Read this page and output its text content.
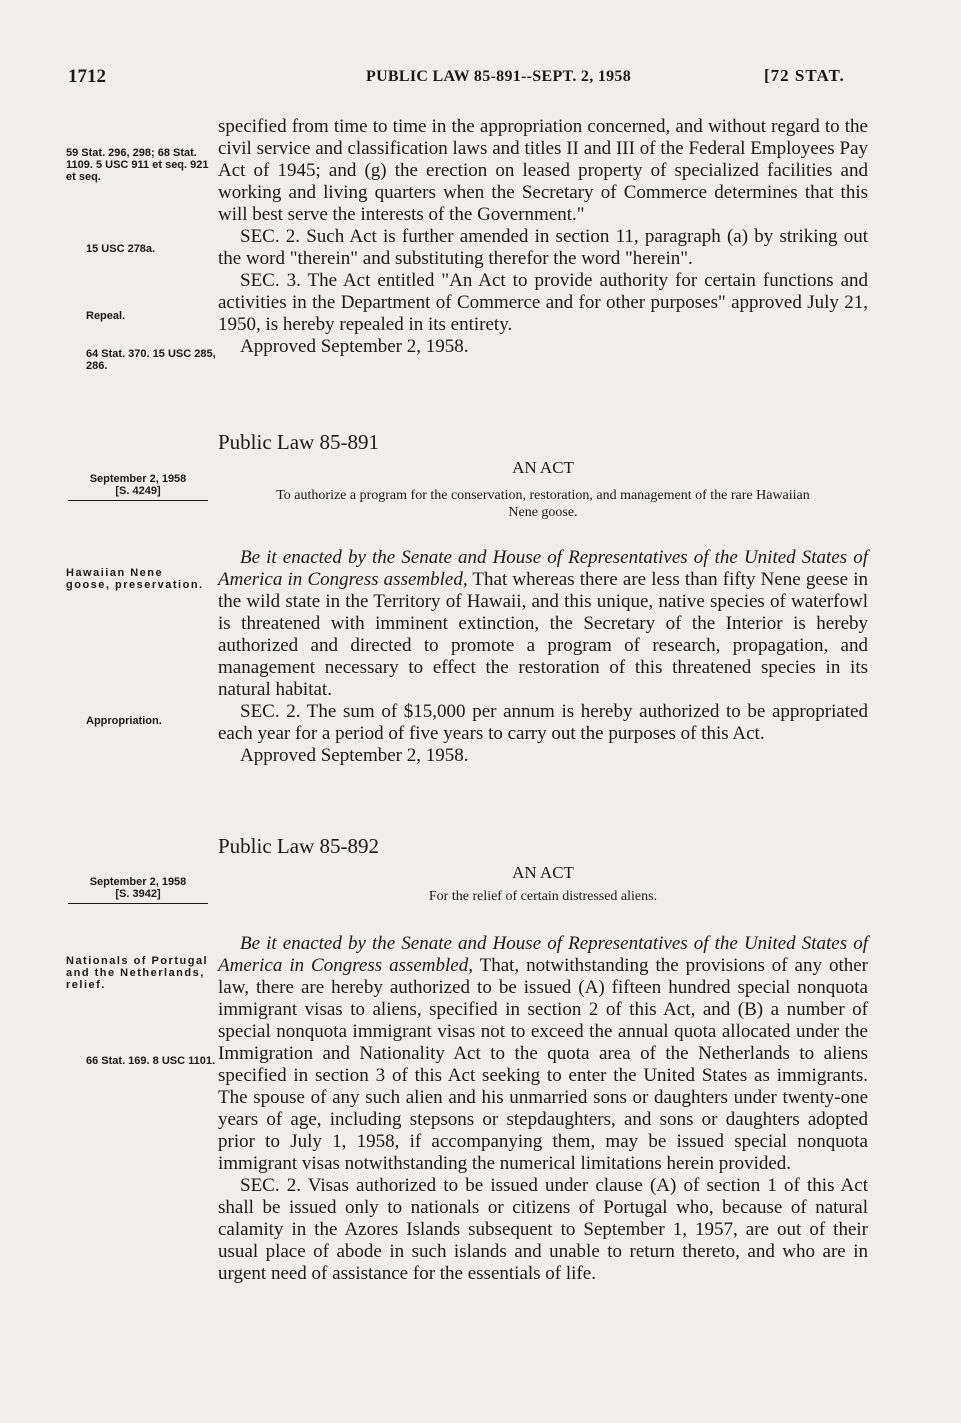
1712	PUBLIC LAW 85-891--SEPT. 2, 1958	[72 STAT.
59 Stat. 296, 298; 68 Stat. 1109. 5 USC 911 et seq. 921 et seq.
15 USC 278a.
Repeal.
64 Stat. 370. 15 USC 285, 286.
September 2, 1958
[S. 4249]
Hawaiian Nene goose, preservation.
Appropriation.
September 2, 1958
[S. 3942]
Nationals of Portugal and the Netherlands, relief.
66 Stat. 169. 8 USC 1101.

specified from time to time in the appropriation concerned, and without regard to the civil service and classification laws and titles II and III of the Federal Employees Pay Act of 1945; and (g) the erection on leased property of specialized facilities and working and living quarters when the Secretary of Commerce determines that this will best serve the interests of the Government."

SEC. 2. Such Act is further amended in section 11, paragraph (a) by striking out the word "therein" and substituting therefor the word "herein".

SEC. 3. The Act entitled "An Act to provide authority for certain functions and activities in the Department of Commerce and for other purposes" approved July 21, 1950, is hereby repealed in its entirety.

Approved September 2, 1958.

Public Law 85-891
AN ACT
To authorize a program for the conservation, restoration, and management of the rare Hawaiian Nene goose.

Be it enacted by the Senate and House of Representatives of the United States of America in Congress assembled, That whereas there are less than fifty Nene geese in the wild state in the Territory of Hawaii, and this unique, native species of waterfowl is threatened with imminent extinction, the Secretary of the Interior is hereby authorized and directed to promote a program of research, propagation, and management necessary to effect the restoration of this threatened species in its natural habitat.

SEC. 2. The sum of $15,000 per annum is hereby authorized to be appropriated each year for a period of five years to carry out the purposes of this Act.

Approved September 2, 1958.

Public Law 85-892
AN ACT
For the relief of certain distressed aliens.

Be it enacted by the Senate and House of Representatives of the United States of America in Congress assembled, That, notwithstanding the provisions of any other law, there are hereby authorized to be issued (A) fifteen hundred special nonquota immigrant visas to aliens, specified in section 2 of this Act, and (B) a number of special nonquota immigrant visas not to exceed the annual quota allocated under the Immigration and Nationality Act to the quota area of the Netherlands to aliens specified in section 3 of this Act seeking to enter the United States as immigrants. The spouse of any such alien and his unmarried sons or daughters under twenty-one years of age, including stepsons or stepdaughters, and sons or daughters adopted prior to July 1, 1958, if accompanying them, may be issued special nonquota immigrant visas notwithstanding the numerical limitations herein provided.

SEC. 2. Visas authorized to be issued under clause (A) of section 1 of this Act shall be issued only to nationals or citizens of Portugal who, because of natural calamity in the Azores Islands subsequent to September 1, 1957, are out of their usual place of abode in such islands and unable to return thereto, and who are in urgent need of assistance for the essentials of life.
